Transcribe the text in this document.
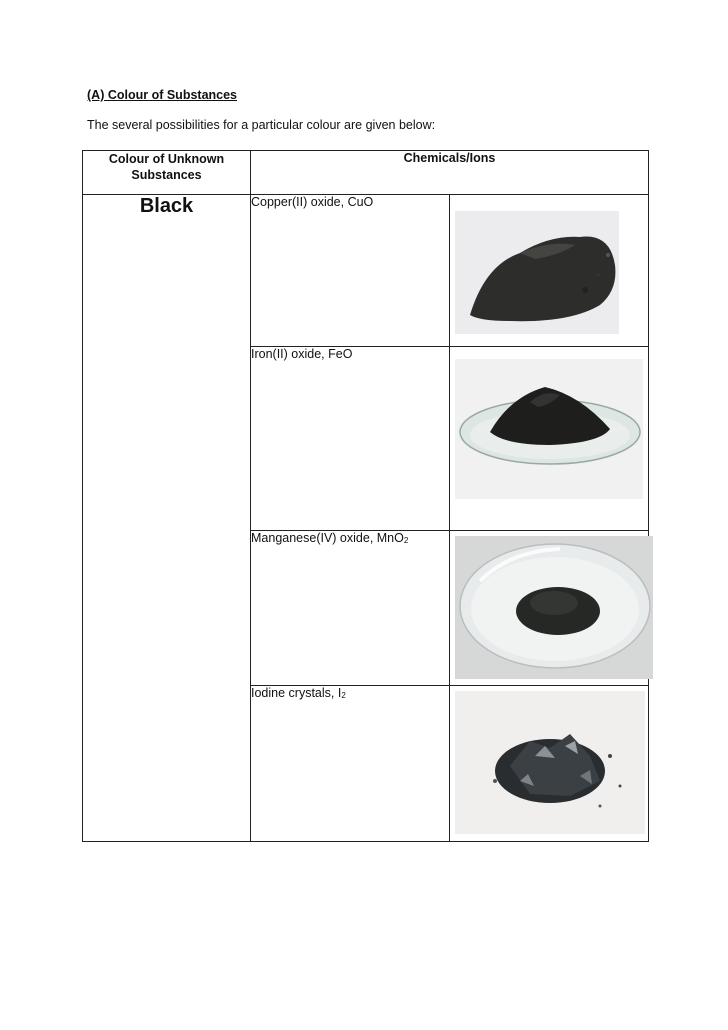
(A) Colour of Substances
The several possibilities for a particular colour are given below:
Colour of Unknown Substances	Chemicals/Ions	
Black	Copper(II) oxide, CuO	

	Iron(II) oxide, FeO	

	Manganese(IV) oxide, MnO$_2$	

	Iodine crystals, $I_2$	
